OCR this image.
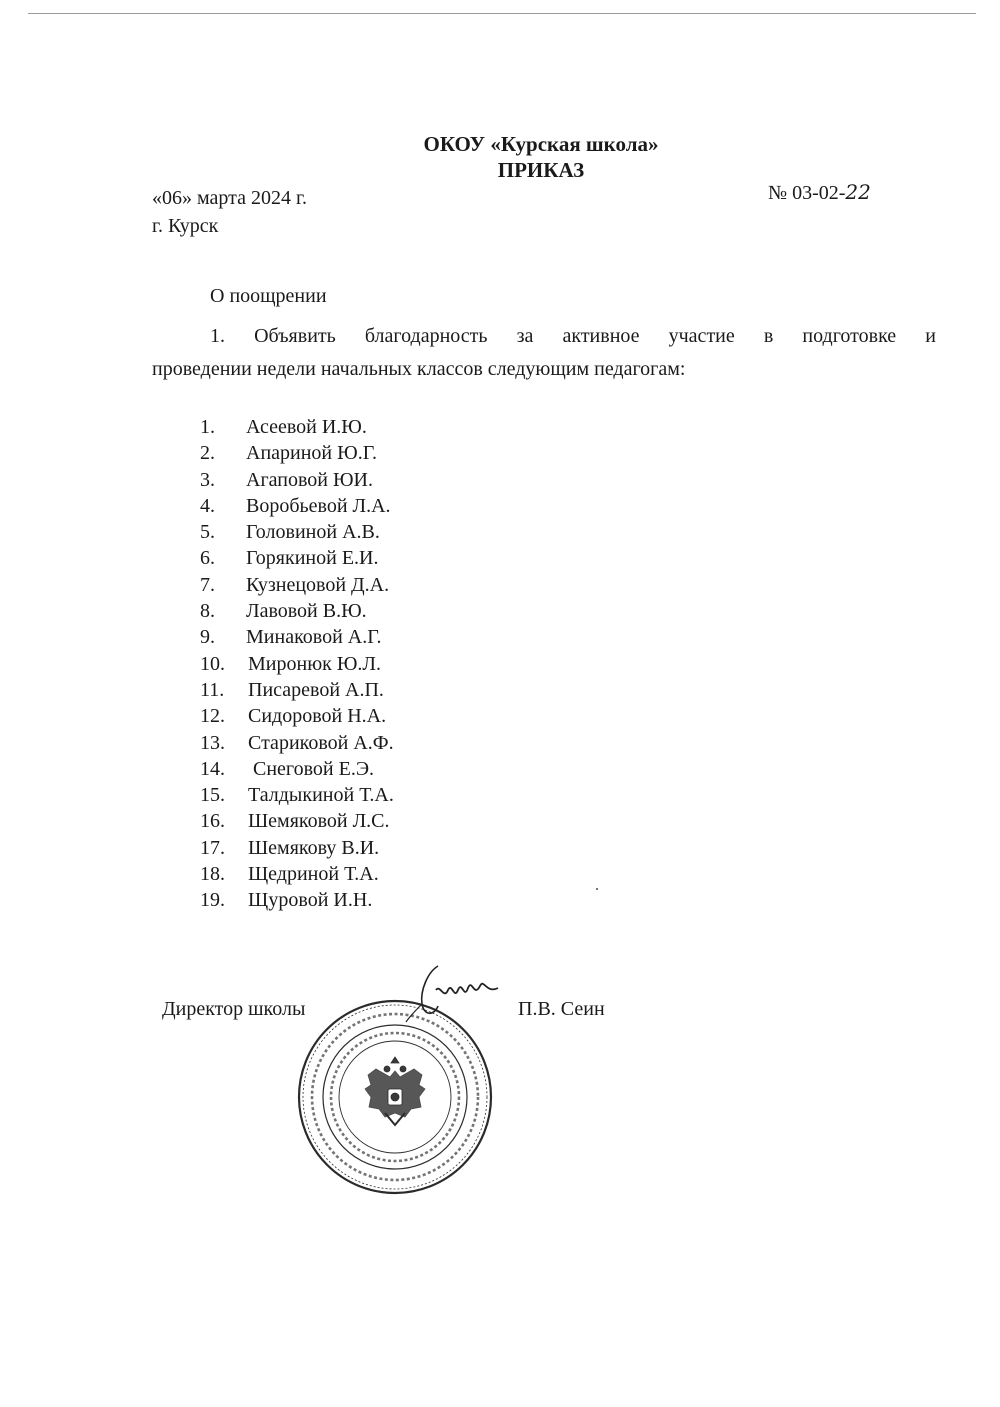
ОКОУ «Курская школа»
ПРИКАЗ
«06» марта 2024 г.	№ 03-02-22
г. Курск
О поощрении
1. Объявить благодарность за активное участие в подготовке и
проведении недели начальных классов следующим педагогам:
1. Асеевой И.Ю.
2. Апариной Ю.Г.
3. Агаповой ЮИ.
4. Воробьевой Л.А.
5. Головиной А.В.
6. Горякиной Е.И.
7. Кузнецовой Д.А.
8. Лавовой В.Ю.
9. Минаковой А.Г.
10. Миронюк Ю.Л.
11. Писаревой А.П.
12. Сидоровой Н.А.
13. Стариковой А.Ф.
14. Снеговой Е.Э.
15. Талдыкиной Т.А.
16. Шемяковой Л.С.
17. Шемякову В.И.
18. Щедриной Т.А.
19. Щуровой И.Н.
Директор школы	П.В. Сеин
